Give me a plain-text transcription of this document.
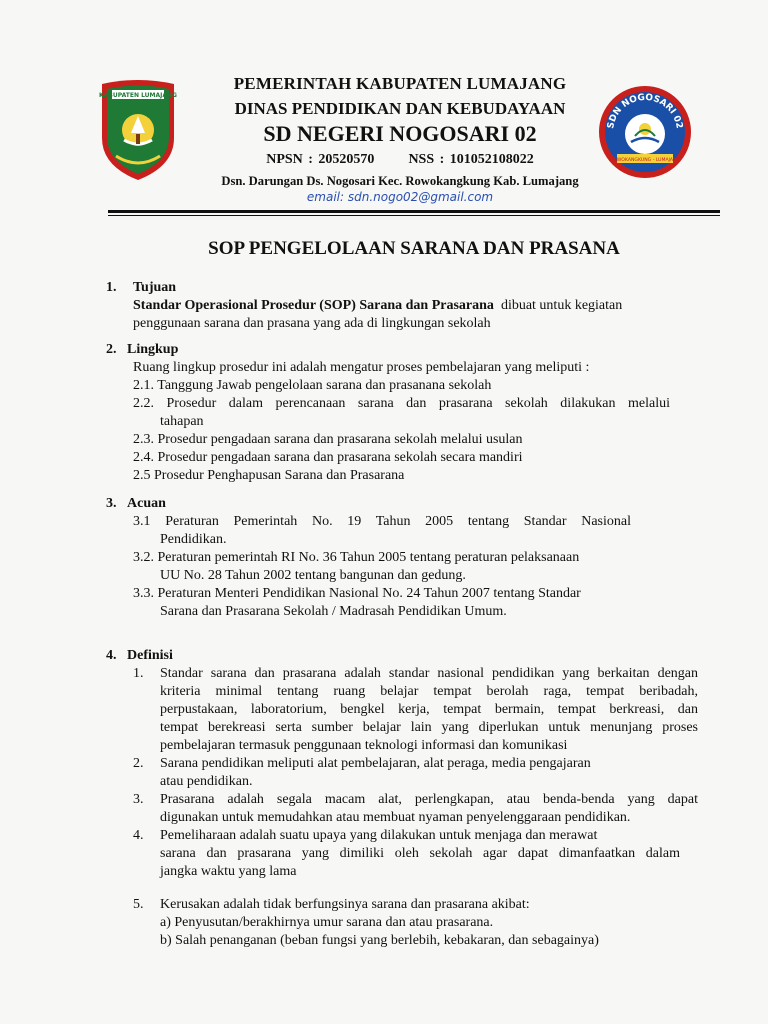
KABUPATEN LUMAJANG
SDN NOGOSARI 02
ROWOKANGKUNG - LUMAJANG
PEMERINTAH KABUPATEN LUMAJANG
DINAS PENDIDIKAN DAN KEBUDAYAAN
SD NEGERI NOGOSARI 02
NPSN : 20520570 NSS : 101052108022
Dsn. Darungan Ds. Nogosari Kec. Rowokangkung Kab. Lumajang
email: sdn.nogo02@gmail.com
SOP PENGELOLAAN SARANA DAN PRASANA
1. Tujuan
Standar Operasional Prosedur (SOP) Sarana dan Prasarana dibuat untuk kegiatan
penggunaan sarana dan prasana yang ada di lingkungan sekolah
2. Lingkup
Ruang lingkup prosedur ini adalah mengatur proses pembelajaran yang meliputi :
2.1. Tanggung Jawab pengelolaan sarana dan prasanana sekolah
2.2. Prosedur dalam perencanaan sarana dan prasarana sekolah dilakukan melalui
tahapan
2.3. Prosedur pengadaan sarana dan prasarana sekolah melalui usulan
2.4. Prosedur pengadaan sarana dan prasarana sekolah secara mandiri
2.5 Prosedur Penghapusan Sarana dan Prasarana
3. Acuan
3.1 Peraturan Pemerintah No. 19 Tahun 2005 tentang Standar Nasional
Pendidikan.
3.2. Peraturan pemerintah RI No. 36 Tahun 2005 tentang peraturan pelaksanaan
UU No. 28 Tahun 2002 tentang bangunan dan gedung.
3.3. Peraturan Menteri Pendidikan Nasional No. 24 Tahun 2007 tentang Standar
Sarana dan Prasarana Sekolah / Madrasah Pendidikan Umum.
4. Definisi
1. Standar sarana dan prasarana adalah standar nasional pendidikan yang berkaitan dengan
kriteria minimal tentang ruang belajar tempat berolah raga, tempat beribadah,
perpustakaan, laboratorium, bengkel kerja, tempat bermain, tempat berkreasi, dan
tempat berekreasi serta sumber belajar lain yang diperlukan untuk menunjang proses
pembelajaran termasuk penggunaan teknologi informasi dan komunikasi
2. Sarana pendidikan meliputi alat pembelajaran, alat peraga, media pengajaran
atau pendidikan.
3. Prasarana adalah segala macam alat, perlengkapan, atau benda-benda yang dapat
digunakan untuk memudahkan atau membuat nyaman penyelenggaraan pendidikan.
4. Pemeliharaan adalah suatu upaya yang dilakukan untuk menjaga dan merawat
sarana dan prasarana yang dimiliki oleh sekolah agar dapat dimanfaatkan dalam
jangka waktu yang lama
5. Kerusakan adalah tidak berfungsinya sarana dan prasarana akibat:
a) Penyusutan/berakhirnya umur sarana dan atau prasarana.
b) Salah penanganan (beban fungsi yang berlebih, kebakaran, dan sebagainya)
